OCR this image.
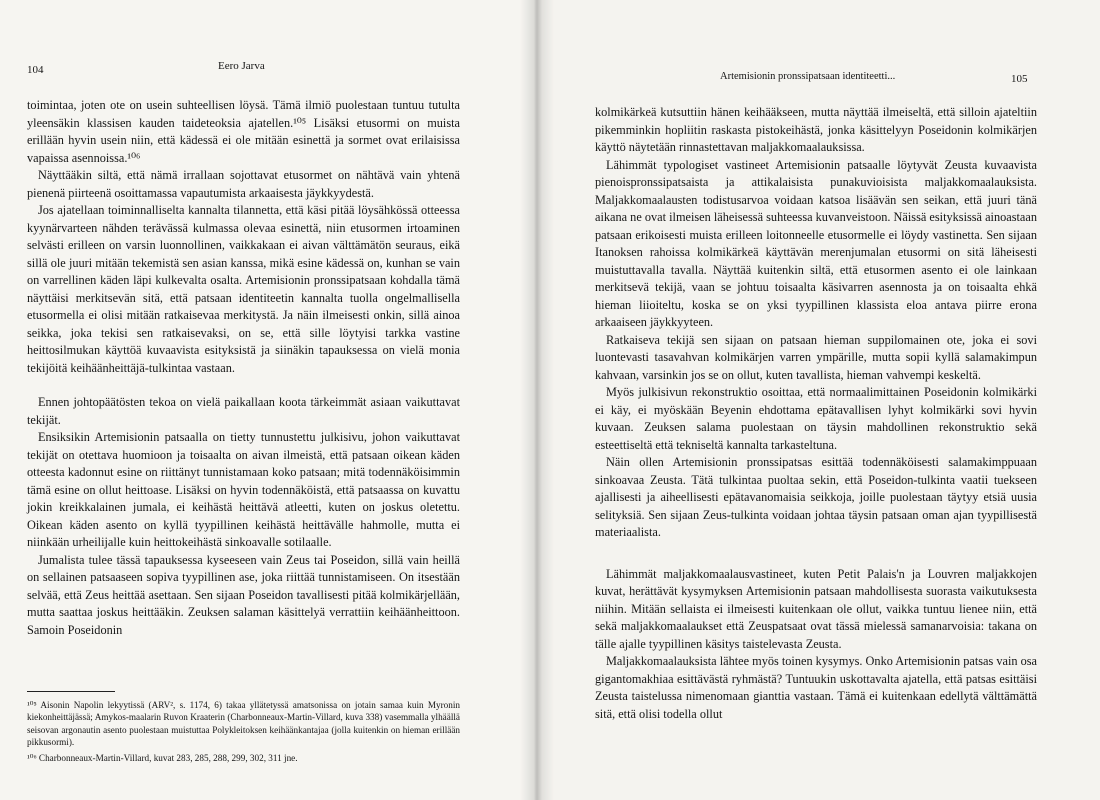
104	Eero Jarva

toimintaa, joten ote on usein suhteellisen löysä. Tämä ilmiö puolestaan tuntuu tutulta yleensäkin klassisen kauden taideteoksia ajatellen.¹⁰⁵ Lisäksi etusormi on muista erillään hyvin usein niin, että kädessä ei ole mitään esinettä ja sormet ovat erilaisissa vapaissa asennoissa.¹⁰⁶

Näyttääkin siltä, että nämä irrallaan sojottavat etusormet on nähtävä vain yhtenä pienenä piirteenä osoittamassa vapautumista arkaaisesta jäykkyydestä.

Jos ajatellaan toiminnalliselta kannalta tilannetta, että käsi pitää löysähkössä otteessa kyynärvarteen nähden terävässä kulmassa olevaa esinettä, niin etusormen irtoaminen selvästi erilleen on varsin luonnollinen, vaikkakaan ei aivan välttämätön seuraus, eikä sillä ole juuri mitään tekemistä sen asian kanssa, mikä esine kädessä on, kunhan se vain on varrellinen käden läpi kulkevalta osalta. Artemisionin pronssipatsaan kohdalla tämä näyttäisi merkitsevän sitä, että patsaan identiteetin kannalta tuolla ongelmallisella etusormella ei olisi mitään ratkaisevaa merkitystä. Ja näin ilmeisesti onkin, sillä ainoa seikka, joka tekisi sen ratkaisevaksi, on se, että sille löytyisi tarkka vastine heittosilmukan käyttöä kuvaavista esityksistä ja siinäkin tapauksessa on vielä monia tekijöitä keihäänheittäjä-tulkintaa vastaan.

Ennen johtopäätösten tekoa on vielä paikallaan koota tärkeimmät asiaan vaikuttavat tekijät.

Ensiksikin Artemisionin patsaalla on tietty tunnustettu julkisivu, johon vaikuttavat tekijät on otettava huomioon ja toisaalta on aivan ilmeistä, että patsaan oikean käden otteesta kadonnut esine on riittänyt tunnistamaan koko patsaan; mitä todennäköisimmin tämä esine on ollut heittoase. Lisäksi on hyvin todennäköistä, että patsaassa on kuvattu jokin kreikkalainen jumala, ei keihästä heittävä atleetti, kuten on joskus oletettu. Oikean käden asento on kyllä tyypillinen keihästä heittävälle hahmolle, mutta ei niinkään urheilijalle kuin heittokeihästä sinkoavalle sotilaalle.

Jumalista tulee tässä tapauksessa kyseeseen vain Zeus tai Poseidon, sillä vain heillä on sellainen patsaaseen sopiva tyypillinen ase, joka riittää tunnistamiseen. On itsestään selvää, että Zeus heittää asettaan. Sen sijaan Poseidon tavallisesti pitää kolmikärjellään, mutta saattaa joskus heittääkin. Zeuksen salaman käsittelyä verrattiin keihäänheittoon. Samoin Poseidonin

¹⁰⁵ Aisonin Napolin lekyytissä (ARV², s. 1174, 6) takaa yllätetyssä amatsonissa on jotain samaa kuin Myronin kiekonheittäjässä; Amykos-maalarin Ruvon Kraaterin (Charbonneaux-Martin-Villard, kuva 338) vasemmalla ylhäällä seisovan argonautin asento puolestaan muistuttaa Polykleitoksen keihäänkantajaa (jolla kuitenkin on hieman erillään pikkusormi).

¹⁰⁶ Charbonneaux-Martin-Villard, kuvat 283, 285, 288, 299, 302, 311 jne.

Artemisionin pronssipatsaan identiteetti...	105

kolmikärkeä kutsuttiin hänen keihääkseen, mutta näyttää ilmeiseltä, että silloin ajateltiin pikemminkin hopliitin raskasta pistokeihästä, jonka käsittelyyn Poseidonin kolmikärjen käyttö näytetään rinnastettavan maljakkomaalauksissa.

Lähimmät typologiset vastineet Artemisionin patsaalle löytyvät Zeusta kuvaavista pienoispronssipatsaista ja attikalaisista punakuvioisista maljakkomaalauksista. Maljakkomaalausten todistusarvoa voidaan katsoa lisäävän sen seikan, että juuri tänä aikana ne ovat ilmeisen läheisessä suhteessa kuvanveistoon. Näissä esityksissä ainoastaan patsaan erikoisesti muista erilleen loitonneelle etusormelle ei löydy vastinetta. Sen sijaan Itanoksen rahoissa kolmikärkeä käyttävän merenjumalan etusormi on sitä läheisesti muistuttavalla tavalla. Näyttää kuitenkin siltä, että etusormen asento ei ole lainkaan merkitsevä tekijä, vaan se johtuu toisaalta käsivarren asennosta ja on toisaalta ehkä hieman liioiteltu, koska se on yksi tyypillinen klassista eloa antava piirre erona arkaaiseen jäykkyyteen.

Ratkaiseva tekijä sen sijaan on patsaan hieman suppilomainen ote, joka ei sovi luontevasti tasavahvan kolmikärjen varren ympärille, mutta sopii kyllä salamakimpun kahvaan, varsinkin jos se on ollut, kuten tavallista, hieman vahvempi keskeltä.

Myös julkisivun rekonstruktio osoittaa, että normaalimittainen Poseidonin kolmikärki ei käy, ei myöskään Beyenin ehdottama epätavallisen lyhyt kolmikärki sovi hyvin kuvaan. Zeuksen salama puolestaan on täysin mahdollinen rekonstruktio sekä esteettiseltä että tekniseltä kannalta tarkasteltuna.

Näin ollen Artemisionin pronssipatsas esittää todennäköisesti salamakimppuaan sinkoavaa Zeusta. Tätä tulkintaa puoltaa sekin, että Poseidon-tulkinta vaatii tuekseen ajallisesti ja aiheellisesti epätavanomaisia seikkoja, joille puolestaan täytyy etsiä uusia selityksiä. Sen sijaan Zeus-tulkinta voidaan johtaa täysin patsaan oman ajan tyypillisestä materiaalista.

Lähimmät maljakkomaalausvastineet, kuten Petit Palais'n ja Louvren maljakkojen kuvat, herättävät kysymyksen Artemisionin patsaan mahdollisesta suorasta vaikutuksesta niihin. Mitään sellaista ei ilmeisesti kuitenkaan ole ollut, vaikka tuntuu lienee niin, että sekä maljakkomaalaukset että Zeuspatsaat ovat tässä mielessä samanarvoisia: takana on tälle ajalle tyypillinen käsitys taistelevasta Zeusta.

Maljakkomaalauksista lähtee myös toinen kysymys. Onko Artemisionin patsas vain osa gigantomakhiaa esittävästä ryhmästä? Tuntuukin uskottavalta ajatella, että patsas esittäisi Zeusta taistelussa nimenomaan gianttia vastaan. Tämä ei kuitenkaan edellytä välttämättä sitä, että olisi todella ollut
